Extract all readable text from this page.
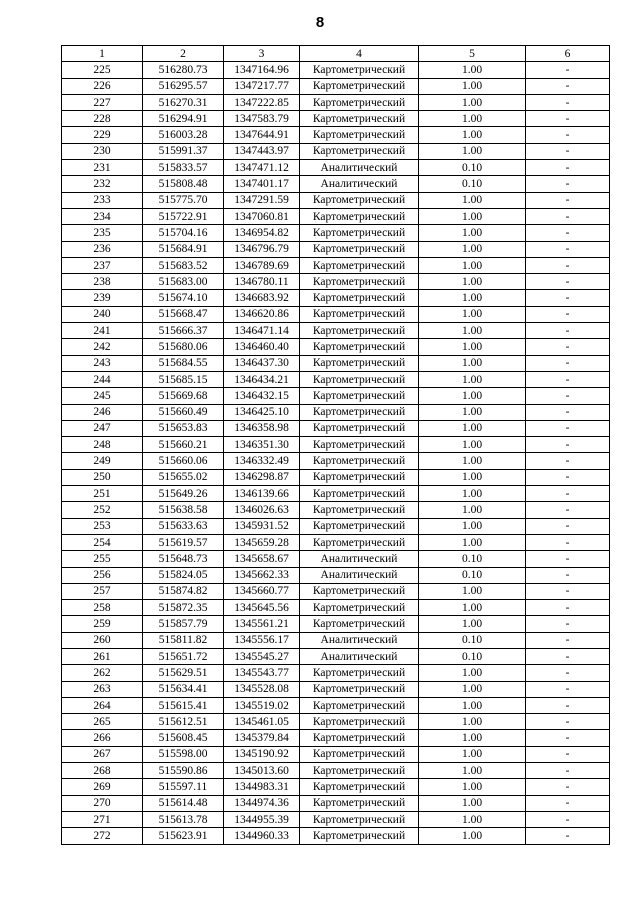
8
1	2	3	4	5	6
225	516280.73	1347164.96	Картометрический	1.00	-
226	516295.57	1347217.77	Картометрический	1.00	-
227	516270.31	1347222.85	Картометрический	1.00	-
228	516294.91	1347583.79	Картометрический	1.00	-
229	516003.28	1347644.91	Картометрический	1.00	-
230	515991.37	1347443.97	Картометрический	1.00	-
231	515833.57	1347471.12	Аналитический	0.10	-
232	515808.48	1347401.17	Аналитический	0.10	-
233	515775.70	1347291.59	Картометрический	1.00	-
234	515722.91	1347060.81	Картометрический	1.00	-
235	515704.16	1346954.82	Картометрический	1.00	-
236	515684.91	1346796.79	Картометрический	1.00	-
237	515683.52	1346789.69	Картометрический	1.00	-
238	515683.00	1346780.11	Картометрический	1.00	-
239	515674.10	1346683.92	Картометрический	1.00	-
240	515668.47	1346620.86	Картометрический	1.00	-
241	515666.37	1346471.14	Картометрический	1.00	-
242	515680.06	1346460.40	Картометрический	1.00	-
243	515684.55	1346437.30	Картометрический	1.00	-
244	515685.15	1346434.21	Картометрический	1.00	-
245	515669.68	1346432.15	Картометрический	1.00	-
246	515660.49	1346425.10	Картометрический	1.00	-
247	515653.83	1346358.98	Картометрический	1.00	-
248	515660.21	1346351.30	Картометрический	1.00	-
249	515660.06	1346332.49	Картометрический	1.00	-
250	515655.02	1346298.87	Картометрический	1.00	-
251	515649.26	1346139.66	Картометрический	1.00	-
252	515638.58	1346026.63	Картометрический	1.00	-
253	515633.63	1345931.52	Картометрический	1.00	-
254	515619.57	1345659.28	Картометрический	1.00	-
255	515648.73	1345658.67	Аналитический	0.10	-
256	515824.05	1345662.33	Аналитический	0.10	-
257	515874.82	1345660.77	Картометрический	1.00	-
258	515872.35	1345645.56	Картометрический	1.00	-
259	515857.79	1345561.21	Картометрический	1.00	-
260	515811.82	1345556.17	Аналитический	0.10	-
261	515651.72	1345545.27	Аналитический	0.10	-
262	515629.51	1345543.77	Картометрический	1.00	-
263	515634.41	1345528.08	Картометрический	1.00	-
264	515615.41	1345519.02	Картометрический	1.00	-
265	515612.51	1345461.05	Картометрический	1.00	-
266	515608.45	1345379.84	Картометрический	1.00	-
267	515598.00	1345190.92	Картометрический	1.00	-
268	515590.86	1345013.60	Картометрический	1.00	-
269	515597.11	1344983.31	Картометрический	1.00	-
270	515614.48	1344974.36	Картометрический	1.00	-
271	515613.78	1344955.39	Картометрический	1.00	-
272	515623.91	1344960.33	Картометрический	1.00	-
